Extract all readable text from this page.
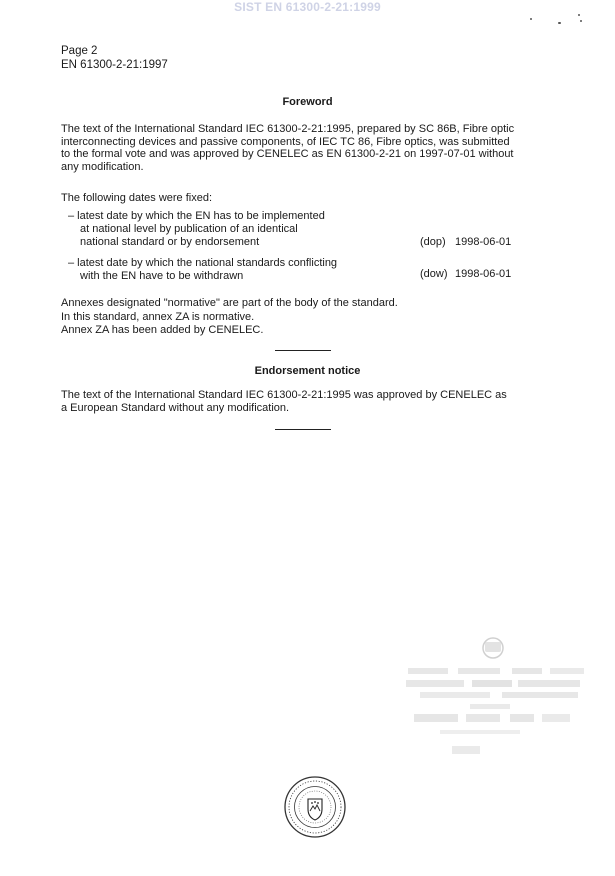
SIST EN 61300-2-21:1999
Page 2
EN 61300-2-21:1997
Foreword
The text of the International Standard IEC 61300-2-21:1995, prepared by SC 86B, Fibre optic
interconnecting devices and passive components, of IEC TC 86, Fibre optics, was submitted
to the formal vote and was approved by CENELEC as EN 61300-2-21 on 1997-07-01 without
any modification.
The following dates were fixed:
– latest date by which the EN has to be implemented
at national level by publication of an identical
national standard or by endorsement	(dop) 1998-06-01
– latest date by which the national standards conflicting
with the EN have to be withdrawn	(dow) 1998-06-01
Annexes designated "normative" are part of the body of the standard.
In this standard, annex ZA is normative.
Annex ZA has been added by CENELEC.
Endorsement notice
The text of the International Standard IEC 61300-2-21:1995 was approved by CENELEC as
a European Standard without any modification.
